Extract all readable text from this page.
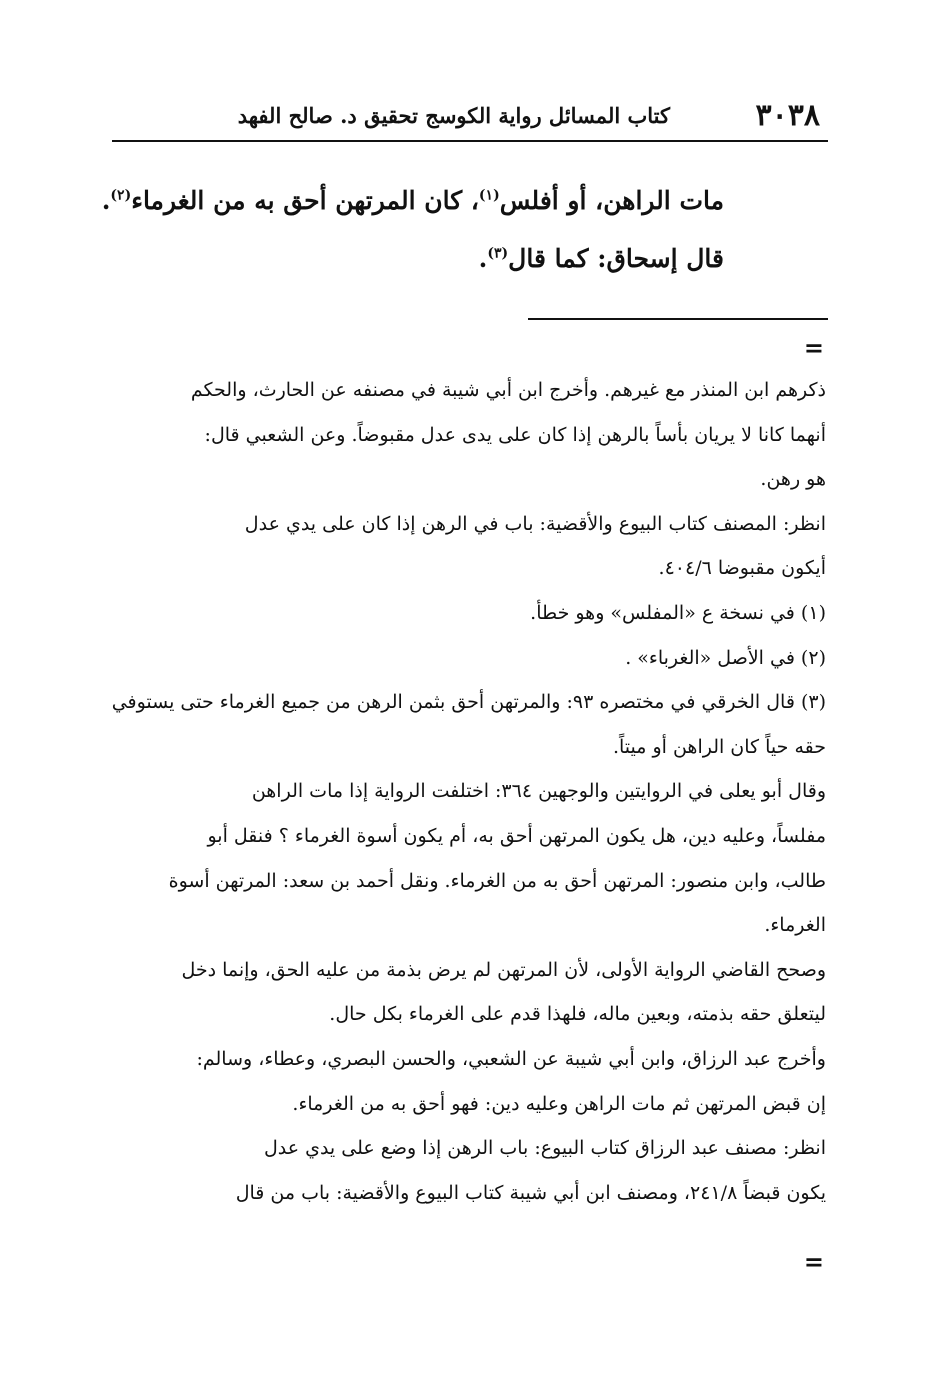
٣٠٣٨
كتاب المسائل رواية الكوسج تحقيق د. صالح الفهد
مات الراهن، أو أفلس$^{(١)}$، كان المرتهن أحق به من الغرماء$^{(٢)}$.
قال إسحاق: كما قال$^{(٣)}$.
=
ذكرهم ابن المنذر مع غيرهم. وأخرج ابن أبي شيبة في مصنفه عن الحارث، والحكم
أنهما كانا لا يريان بأساً بالرهن إذا كان على يدى عدل مقبوضاً. وعن الشعبي قال:
هو رهن.
انظر: المصنف كتاب البيوع والأقضية: باب في الرهن إذا كان على يدي عدل
أيكون مقبوضا ٤٠٤/٦.
(١) في نسخة ع «المفلس» وهو خطأ.
(٢) في الأصل «الغرباء» .
(٣) قال الخرقي في مختصره ٩٣: والمرتهن أحق بثمن الرهن من جميع الغرماء حتى يستوفي
حقه حياً كان الراهن أو ميتاً.
وقال أبو يعلى في الروايتين والوجهين ٣٦٤: اختلفت الرواية إذا مات الراهن
مفلساً، وعليه دين، هل يكون المرتهن أحق به، أم يكون أسوة الغرماء ؟ فنقل أبو
طالب، وابن منصور: المرتهن أحق به من الغرماء. ونقل أحمد بن سعد: المرتهن أسوة
الغرماء.
وصحح القاضي الرواية الأولى، لأن المرتهن لم يرض بذمة من عليه الحق، وإنما دخل
ليتعلق حقه بذمته، وبعين ماله، فلهذا قدم على الغرماء بكل حال.
وأخرج عبد الرزاق، وابن أبي شيبة عن الشعبي، والحسن البصري، وعطاء، وسالم:
إن قبض المرتهن ثم مات الراهن وعليه دين: فهو أحق به من الغرماء.
انظر: مصنف عبد الرزاق كتاب البيوع: باب الرهن إذا وضع على يدي عدل
يكون قبضاً ٢٤١/٨، ومصنف ابن أبي شيبة كتاب البيوع والأقضية: باب من قال
=
